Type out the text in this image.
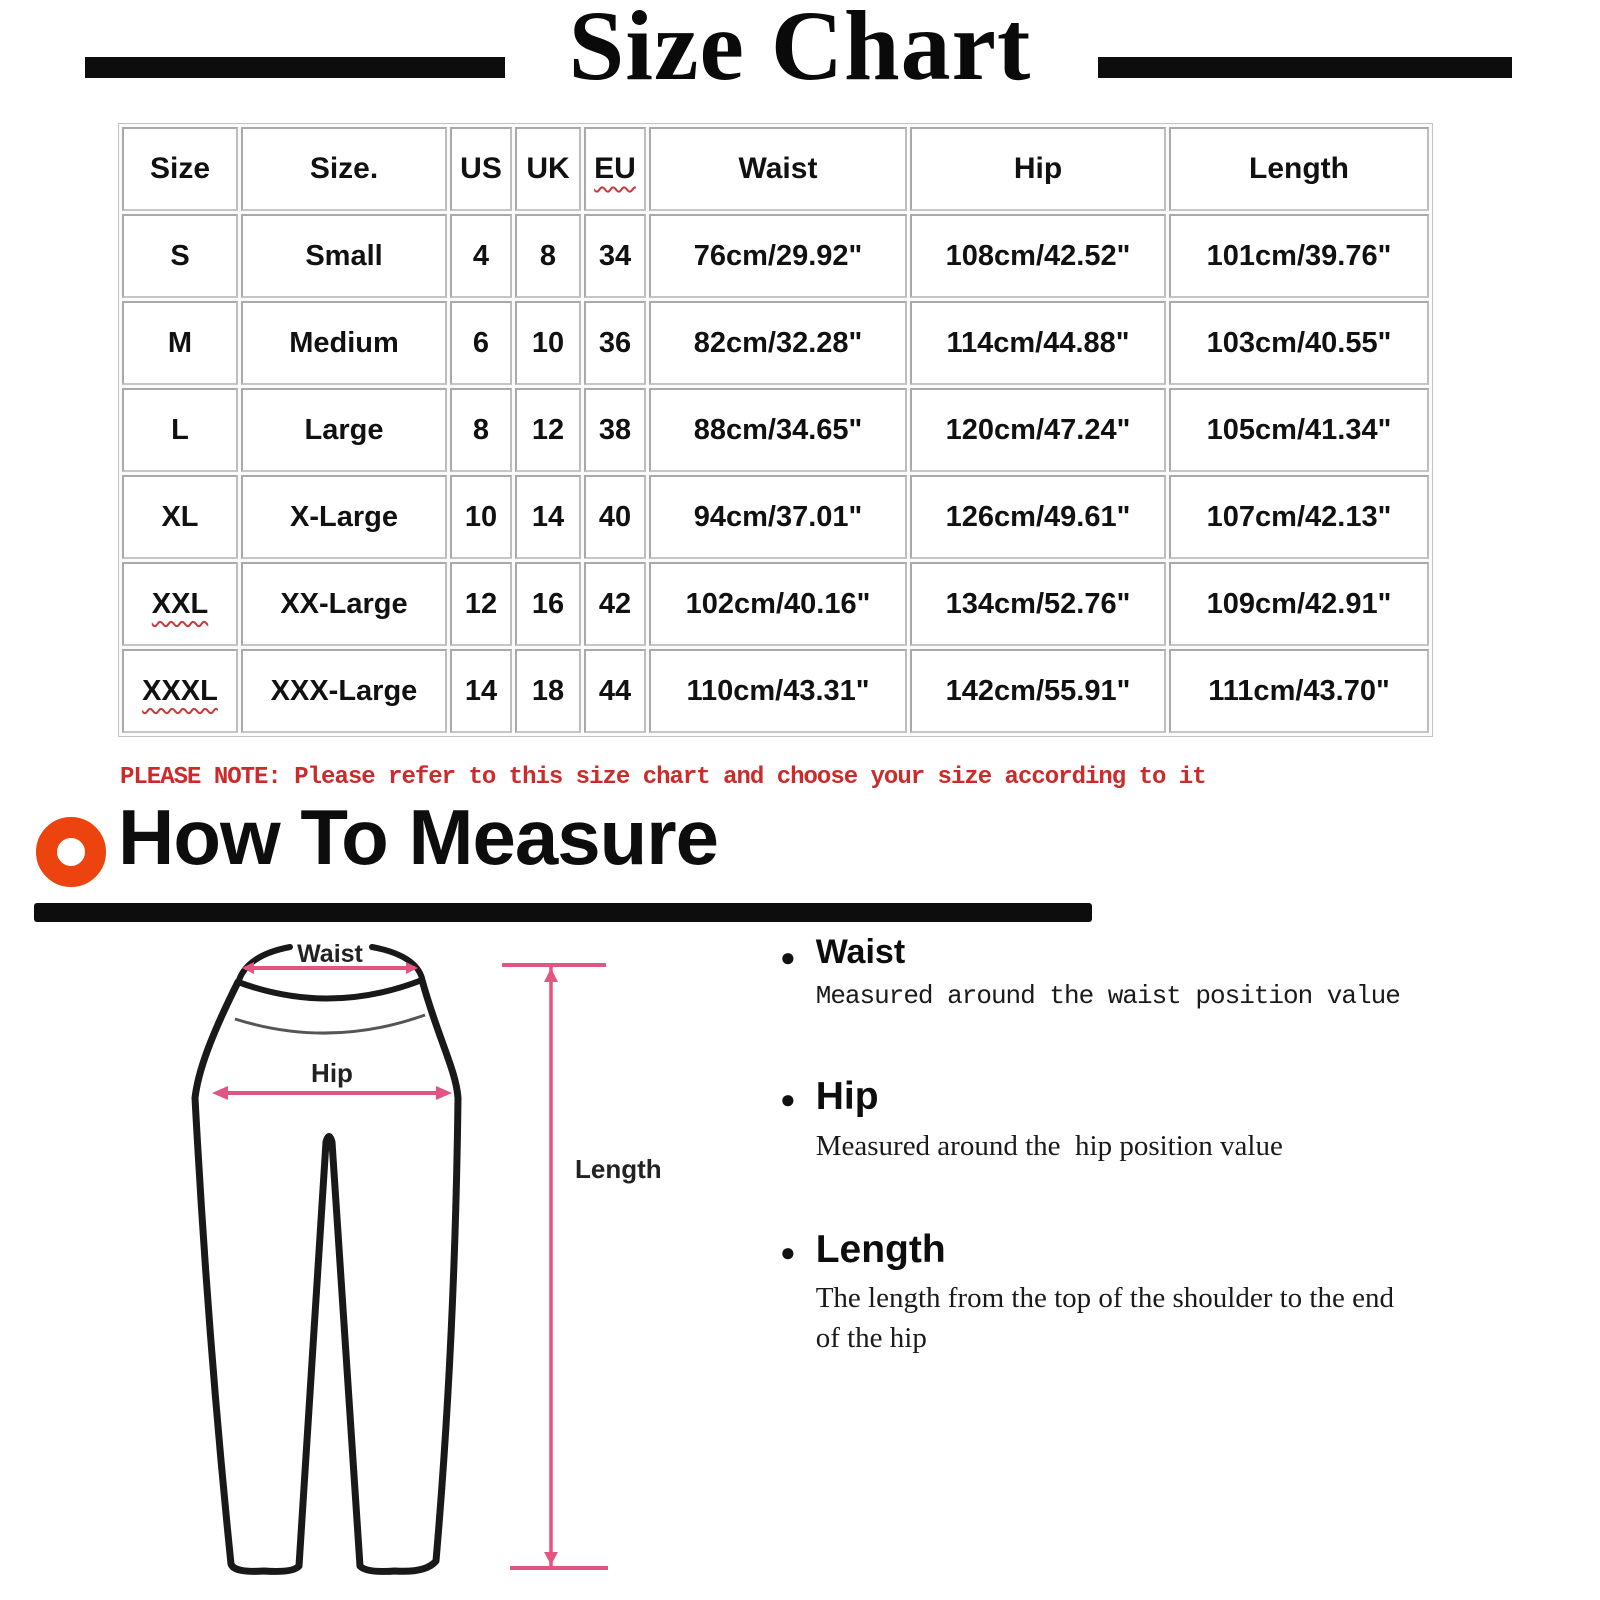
Size Chart
Size	Size.	US	UK	EU	Waist	Hip	Length
S	Small	4	8	34	76cm/29.92"	108cm/42.52"	101cm/39.76"
M	Medium	6	10	36	82cm/32.28"	114cm/44.88"	103cm/40.55"
L	Large	8	12	38	88cm/34.65"	120cm/47.24"	105cm/41.34"
XL	X-Large	10	14	40	94cm/37.01"	126cm/49.61"	107cm/42.13"
XXL	XX-Large	12	16	42	102cm/40.16"	134cm/52.76"	109cm/42.91"
XXXL	XXX-Large	14	18	44	110cm/43.31"	142cm/55.91"	111cm/43.70"
PLEASE NOTE: Please refer to this size chart and choose your size according to it
How To Measure
Waist
Hip
Length
● Waist
Measured around the waist position value
● Hip
Measured around the  hip position value
● Length
The length from the top of the shoulder to the end of the hip
